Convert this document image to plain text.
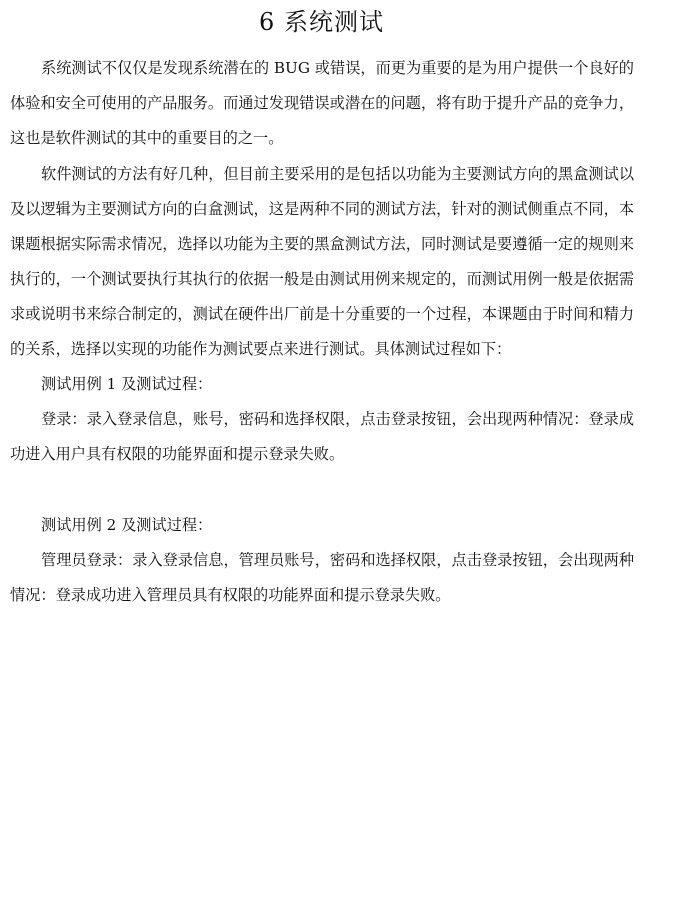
6 系统测试

系统测试不仅仅是发现系统潜在的 BUG 或错误，而更为重要的是为用户提供一个良好的体验和安全可使用的产品服务。而通过发现错误或潜在的问题，将有助于提升产品的竞争力，这也是软件测试的其中的重要目的之一。

软件测试的方法有好几种，但目前主要采用的是包括以功能为主要测试方向的黑盒测试以及以逻辑为主要测试方向的白盒测试，这是两种不同的测试方法，针对的测试侧重点不同，本课题根据实际需求情况，选择以功能为主要的黑盒测试方法，同时测试是要遵循一定的规则来执行的，一个测试要执行其执行的依据一般是由测试用例来规定的，而测试用例一般是依据需求或说明书来综合制定的，测试在硬件出厂前是十分重要的一个过程，本课题由于时间和精力的关系，选择以实现的功能作为测试要点来进行测试。具体测试过程如下：

测试用例 1 及测试过程：

登录：录入登录信息，账号，密码和选择权限，点击登录按钮，会出现两种情况：登录成功进入用户具有权限的功能界面和提示登录失败。

测试用例 2 及测试过程：

管理员登录：录入登录信息，管理员账号，密码和选择权限，点击登录按钮，会出现两种情况：登录成功进入管理员具有权限的功能界面和提示登录失败。
